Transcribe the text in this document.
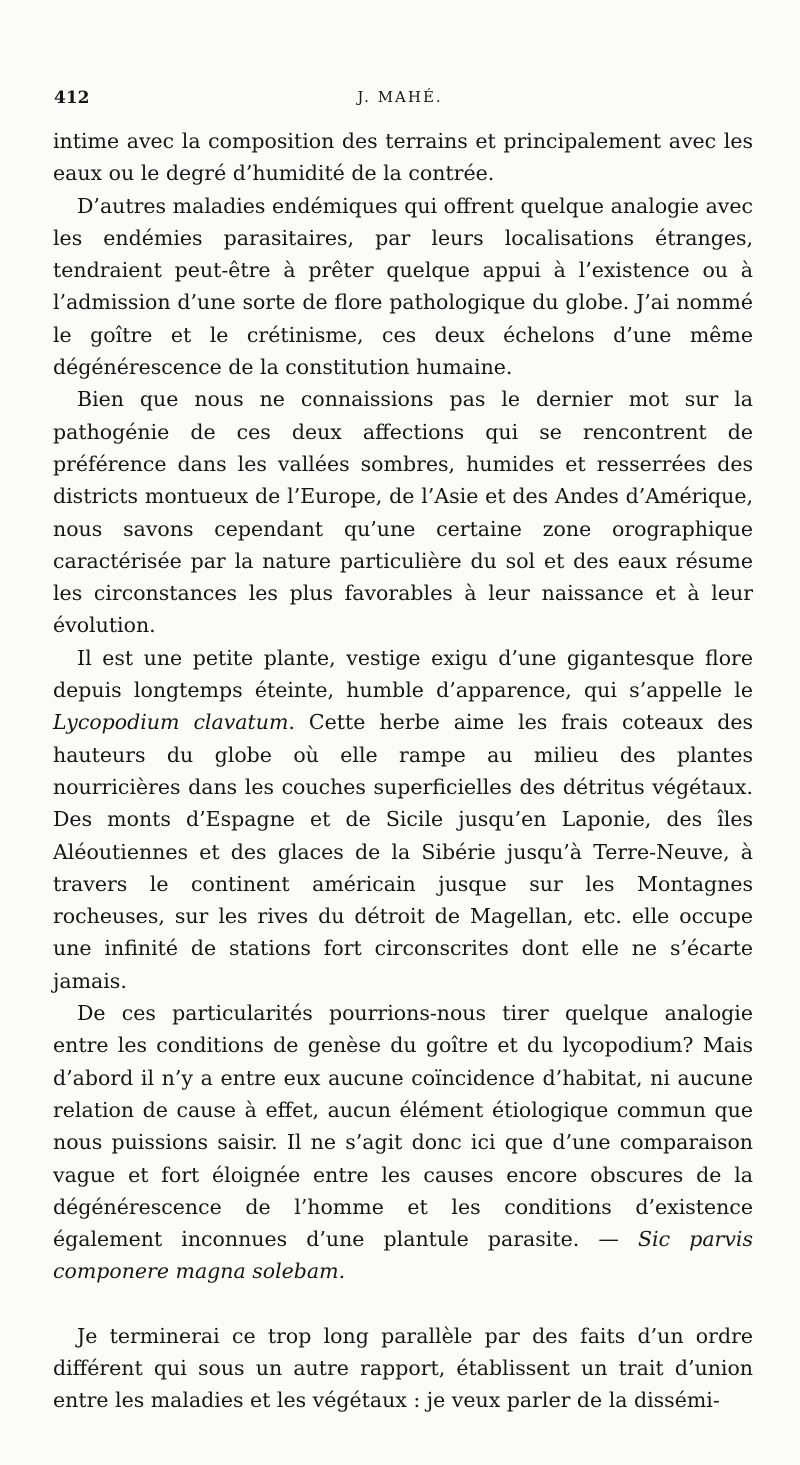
412	J. MAHÉ.

intime avec la composition des terrains et principalement avec les eaux ou le degré d’humidité de la contrée.

D’autres maladies endémiques qui offrent quelque analogie avec les endémies parasitaires, par leurs localisations étranges, tendraient peut-être à prêter quelque appui à l’existence ou à l’admission d’une sorte de flore pathologique du globe. J’ai nommé le goître et le crétinisme, ces deux échelons d’une même dégénérescence de la constitution humaine.

Bien que nous ne connaissions pas le dernier mot sur la pathogénie de ces deux affections qui se rencontrent de préférence dans les vallées sombres, humides et resserrées des districts montueux de l’Europe, de l’Asie et des Andes d’Amérique, nous savons cependant qu’une certaine zone orographique caractérisée par la nature particulière du sol et des eaux résume les circonstances les plus favorables à leur naissance et à leur évolution.

Il est une petite plante, vestige exigu d’une gigantesque flore depuis longtemps éteinte, humble d’apparence, qui s’appelle le Lycopodium clavatum. Cette herbe aime les frais coteaux des hauteurs du globe où elle rampe au milieu des plantes nourricières dans les couches superficielles des détritus végétaux. Des monts d’Espagne et de Sicile jusqu’en Laponie, des îles Aléoutiennes et des glaces de la Sibérie jusqu’à Terre-Neuve, à travers le continent américain jusque sur les Montagnes rocheuses, sur les rives du détroit de Magellan, etc. elle occupe une infinité de stations fort circonscrites dont elle ne s’écarte jamais.

De ces particularités pourrions-nous tirer quelque analogie entre les conditions de genèse du goître et du lycopodium? Mais d’abord il n’y a entre eux aucune coïncidence d’habitat, ni aucune relation de cause à effet, aucun élément étiologique commun que nous puissions saisir. Il ne s’agit donc ici que d’une comparaison vague et fort éloignée entre les causes encore obscures de la dégénérescence de l’homme et les conditions d’existence également inconnues d’une plantule parasite. — Sic parvis componere magna solebam.

Je terminerai ce trop long parallèle par des faits d’un ordre différent qui sous un autre rapport, établissent un trait d’union entre les maladies et les végétaux : je veux parler de la dissémi-
